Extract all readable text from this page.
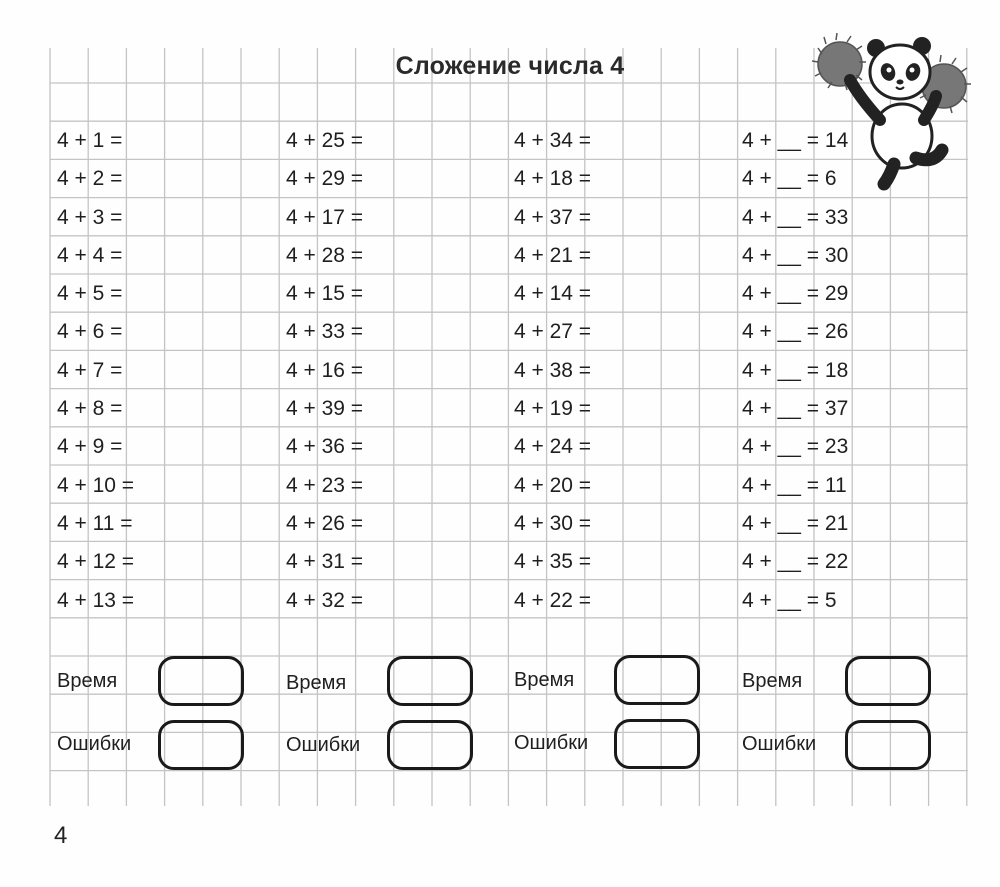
Сложение числа 4
4 + 1 =
4 + 2 =
4 + 3 =
4 + 4 =
4 + 5 =
4 + 6 =
4 + 7 =
4 + 8 =
4 + 9 =
4 + 10 =
4 + 11 =
4 + 12 =
4 + 13 =
4 + 25 =
4 + 29 =
4 + 17 =
4 + 28 =
4 + 15 =
4 + 33 =
4 + 16 =
4 + 39 =
4 + 36 =
4 + 23 =
4 + 26 =
4 + 31 =
4 + 32 =
4 + 34 =
4 + 18 =
4 + 37 =
4 + 21 =
4 + 14 =
4 + 27 =
4 + 38 =
4 + 19 =
4 + 24 =
4 + 20 =
4 + 30 =
4 + 35 =
4 + 22 =
4 + __ = 14
4 + __ = 6
4 + __ = 33
4 + __ = 30
4 + __ = 29
4 + __ = 26
4 + __ = 18
4 + __ = 37
4 + __ = 23
4 + __ = 11
4 + __ = 21
4 + __ = 22
4 + __ = 5
Время
Ошибки
Время
Ошибки
Время
Ошибки
Время
Ошибки
4
